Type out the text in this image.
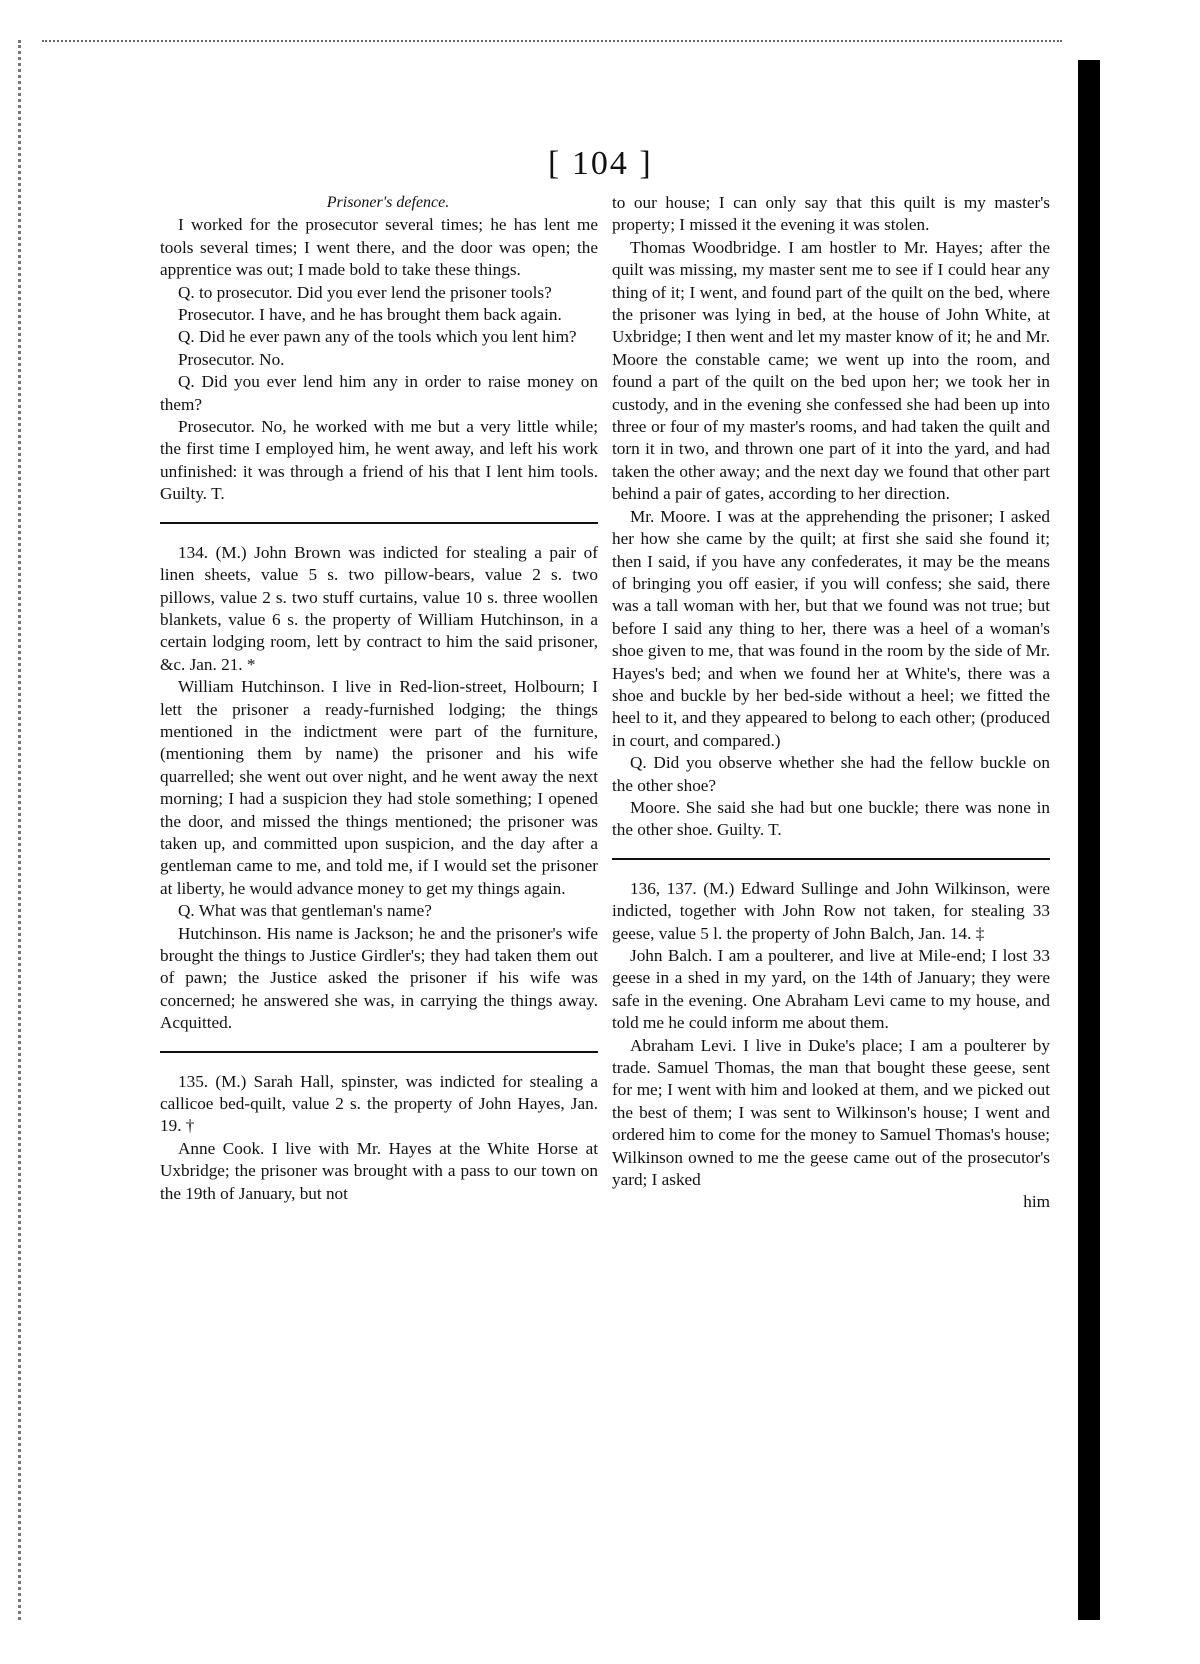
[ 104 ]

Prisoner's defence.

I worked for the prosecutor several times; he has lent me tools several times; I went there, and the door was open; the apprentice was out; I made bold to take these things.

Q. to prosecutor. Did you ever lend the prisoner tools?

Prosecutor. I have, and he has brought them back again.

Q. Did he ever pawn any of the tools which you lent him?

Prosecutor. No.

Q. Did you ever lend him any in order to raise money on them?

Prosecutor. No, he worked with me but a very little while; the first time I employed him, he went away, and left his work unfinished: it was through a friend of his that I lent him tools. Guilty. T.

134. (M.) John Brown was indicted for stealing a pair of linen sheets, value 5 s. two pillow-bears, value 2 s. two pillows, value 2 s. two stuff curtains, value 10 s. three woollen blankets, value 6 s. the property of William Hutchinson, in a certain lodging room, lett by contract to him the said prisoner, &c. Jan. 21. *

William Hutchinson. I live in Red-lion-street, Holbourn; I lett the prisoner a ready-furnished lodging; the things mentioned in the indictment were part of the furniture, (mentioning them by name) the prisoner and his wife quarrelled; she went out over night, and he went away the next morning; I had a suspicion they had stole something; I opened the door, and missed the things mentioned; the prisoner was taken up, and committed upon suspicion, and the day after a gentleman came to me, and told me, if I would set the prisoner at liberty, he would advance money to get my things again.

Q. What was that gentleman's name?

Hutchinson. His name is Jackson; he and the prisoner's wife brought the things to Justice Girdler's; they had taken them out of pawn; the Justice asked the prisoner if his wife was concerned; he answered she was, in carrying the things away. Acquitted.

135. (M.) Sarah Hall, spinster, was indicted for stealing a callicoe bed-quilt, value 2 s. the property of John Hayes, Jan. 19. †

Anne Cook. I live with Mr. Hayes at the White Horse at Uxbridge; the prisoner was brought with a pass to our town on the 19th of January, but not

to our house; I can only say that this quilt is my master's property; I missed it the evening it was stolen.

Thomas Woodbridge. I am hostler to Mr. Hayes; after the quilt was missing, my master sent me to see if I could hear any thing of it; I went, and found part of the quilt on the bed, where the prisoner was lying in bed, at the house of John White, at Uxbridge; I then went and let my master know of it; he and Mr. Moore the constable came; we went up into the room, and found a part of the quilt on the bed upon her; we took her in custody, and in the evening she confessed she had been up into three or four of my master's rooms, and had taken the quilt and torn it in two, and thrown one part of it into the yard, and had taken the other away; and the next day we found that other part behind a pair of gates, according to her direction.

Mr. Moore. I was at the apprehending the prisoner; I asked her how she came by the quilt; at first she said she found it; then I said, if you have any confederates, it may be the means of bringing you off easier, if you will confess; she said, there was a tall woman with her, but that we found was not true; but before I said any thing to her, there was a heel of a woman's shoe given to me, that was found in the room by the side of Mr. Hayes's bed; and when we found her at White's, there was a shoe and buckle by her bed-side without a heel; we fitted the heel to it, and they appeared to belong to each other; (produced in court, and compared.)

Q. Did you observe whether she had the fellow buckle on the other shoe?

Moore. She said she had but one buckle; there was none in the other shoe. Guilty. T.

136, 137. (M.) Edward Sullinge and John Wilkinson, were indicted, together with John Row not taken, for stealing 33 geese, value 5 l. the property of John Balch, Jan. 14. ‡

John Balch. I am a poulterer, and live at Mile-end; I lost 33 geese in a shed in my yard, on the 14th of January; they were safe in the evening. One Abraham Levi came to my house, and told me he could inform me about them.

Abraham Levi. I live in Duke's place; I am a poulterer by trade. Samuel Thomas, the man that bought these geese, sent for me; I went with him and looked at them, and we picked out the best of them; I was sent to Wilkinson's house; I went and ordered him to come for the money to Samuel Thomas's house; Wilkinson owned to me the geese came out of the prosecutor's yard; I asked

him
